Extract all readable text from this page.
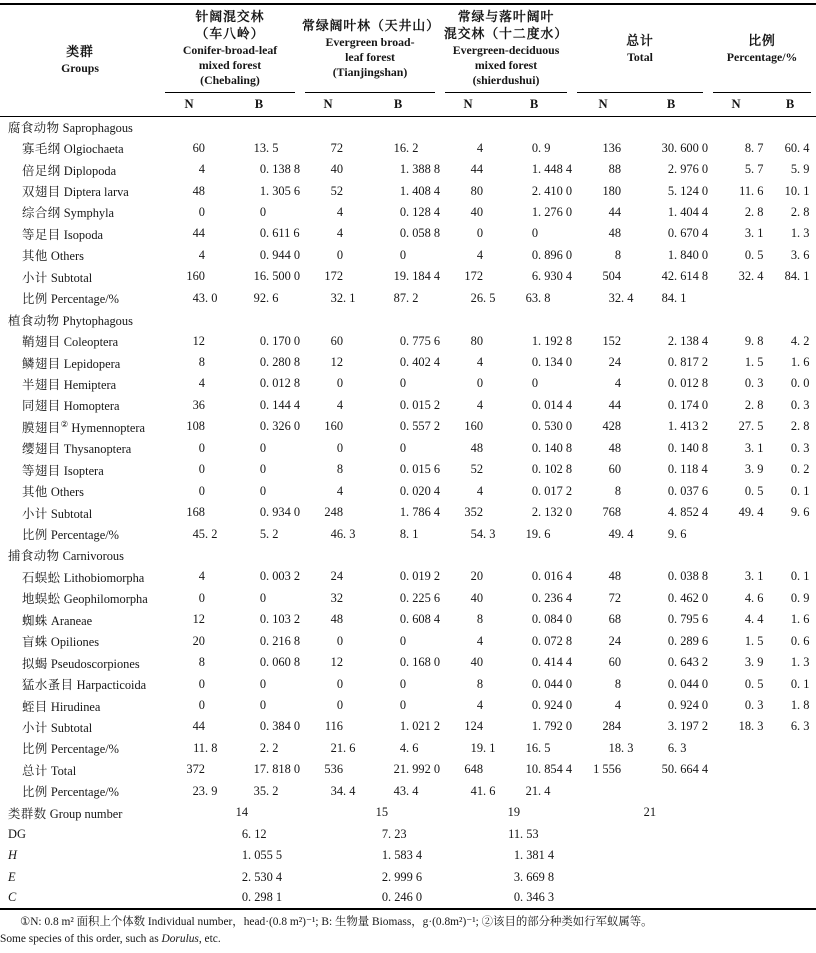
类群
Groups

针阔混交林
（车八岭）
Conifer-broad-leaf
mixed forest
(Chebaling)

常绿阔叶林（天井山）
Evergreen broad-
leaf forest
(Tianjingshan)

常绿与落叶阔叶
混交林（十二度水）
Evergreen-deciduous
mixed forest
(shierdushui)

总计
Total

比例
Percentage/%

	N	B	N	B	N	B	N	B	N	B
腐食动物 Saprophagous										
寡毛纲 Olgiochaeta	60	13 . 5	72	16 . 2	4	0 . 9	136	30 . 600 0	8 . 7	60 . 4

倍足纲 Diplopoda	4	0 . 138 8	40	1 . 388 8	44	1 . 448 4	88	2 . 976 0	5 . 7	5 . 9

双翅目 Diptera larva	48	1 . 305 6	52	1 . 408 4	80	2 . 410 0	180	5 . 124 0	11 . 6	10 . 1

综合纲 Symphyla	0	0	4	0 . 128 4	40	1 . 276 0	44	1 . 404 4	2 . 8	2 . 8

等足目 Isopoda	44	0 . 611 6	4	0 . 058 8	0	0	48	0 . 670 4	3 . 1	1 . 3

其他 Others	4	0 . 944 0	0	0	4	0 . 896 0	8	1 . 840 0	0 . 5	3 . 6

小计 Subtotal	160	16 . 500 0	172	19 . 184 4	172	6 . 930 4	504	42 . 614 8	32 . 4	84 . 1

比例 Percentage/%	43 . 0	92 . 6	32 . 1	87 . 2	26 . 5	63 . 8	32 . 4	84 . 1		

植食动物 Phytophagous										
鞘翅目 Coleoptera	12	0 . 170 0	60	0 . 775 6	80	1 . 192 8	152	2 . 138 4	9 . 8	4 . 2

鳞翅目 Lepidopera	8	0 . 280 8	12	0 . 402 4	4	0 . 134 0	24	0 . 817 2	1 . 5	1 . 6

半翅目 Hemiptera	4	0 . 012 8	0	0	0	0	4	0 . 012 8	0 . 3	0 . 0

同翅目 Homoptera	36	0 . 144 4	4	0 . 015 2	4	0 . 014 4	44	0 . 174 0	2 . 8	0 . 3

膜翅目② Hymennoptera	108	0 . 326 0	160	0 . 557 2	160	0 . 530 0	428	1 . 413 2	27 . 5	2 . 8

缨翅目 Thysanoptera	0	0	0	0	48	0 . 140 8	48	0 . 140 8	3 . 1	0 . 3

等翅目 Isoptera	0	0	8	0 . 015 6	52	0 . 102 8	60	0 . 118 4	3 . 9	0 . 2

其他 Others	0	0	4	0 . 020 4	4	0 . 017 2	8	0 . 037 6	0 . 5	0 . 1

小计 Subtotal	168	0 . 934 0	248	1 . 786 4	352	2 . 132 0	768	4 . 852 4	49 . 4	9 . 6

比例 Percentage/%	45 . 2	5 . 2	46 . 3	8 . 1	54 . 3	19 . 6	49 . 4	9 . 6		

捕食动物 Carnivorous										
石蜈蚣 Lithobiomorpha	4	0 . 003 2	24	0 . 019 2	20	0 . 016 4	48	0 . 038 8	3 . 1	0 . 1

地蜈蚣 Geophilomorpha	0	0	32	0 . 225 6	40	0 . 236 4	72	0 . 462 0	4 . 6	0 . 9

蜘蛛 Araneae	12	0 . 103 2	48	0 . 608 4	8	0 . 084 0	68	0 . 795 6	4 . 4	1 . 6

盲蛛 Opiliones	20	0 . 216 8	0	0	4	0 . 072 8	24	0 . 289 6	1 . 5	0 . 6

拟蝎 Pseudoscorpiones	8	0 . 060 8	12	0 . 168 0	40	0 . 414 4	60	0 . 643 2	3 . 9	1 . 3

猛水蚤目 Harpacticoida	0	0	0	0	8	0 . 044 0	8	0 . 044 0	0 . 5	0 . 1

蛭目 Hirudinea	0	0	0	0	4	0 . 924 0	4	0 . 924 0	0 . 3	1 . 8

小计 Subtotal	44	0 . 384 0	116	1 . 021 2	124	1 . 792 0	284	3 . 197 2	18 . 3	6 . 3

比例 Percentage/%	11 . 8	2 . 2	21 . 6	4 . 6	19 . 1	16 . 5	18 . 3	6 . 3		

总计 Total	372	17 . 818 0	536	21 . 992 0	648	10 . 854 4	1 556	50 . 664 4		

比例 Percentage/%	23 . 9	35 . 2	34 . 4	43 . 4	41 . 6	21 . 4				

类群数 Group number	14		15		19		21			

DG	6 . 12		7 . 23		11 . 53					

H	1 . 055 5		1 . 583 4		1 . 381 4					

E	2 . 530 4		2 . 999 6		3 . 669 8					

C	0 . 298 1		0 . 246 0		0 . 346 3					

①N: 0.8 m² 面积上个体数 Individual number，head·(0.8 m²)⁻¹; B: 生物量 Biomass，g·(0.8m²)⁻¹; ②该目的部分种类如行军蚁属等。

Some species of this order, such as Dorulus, etc.
